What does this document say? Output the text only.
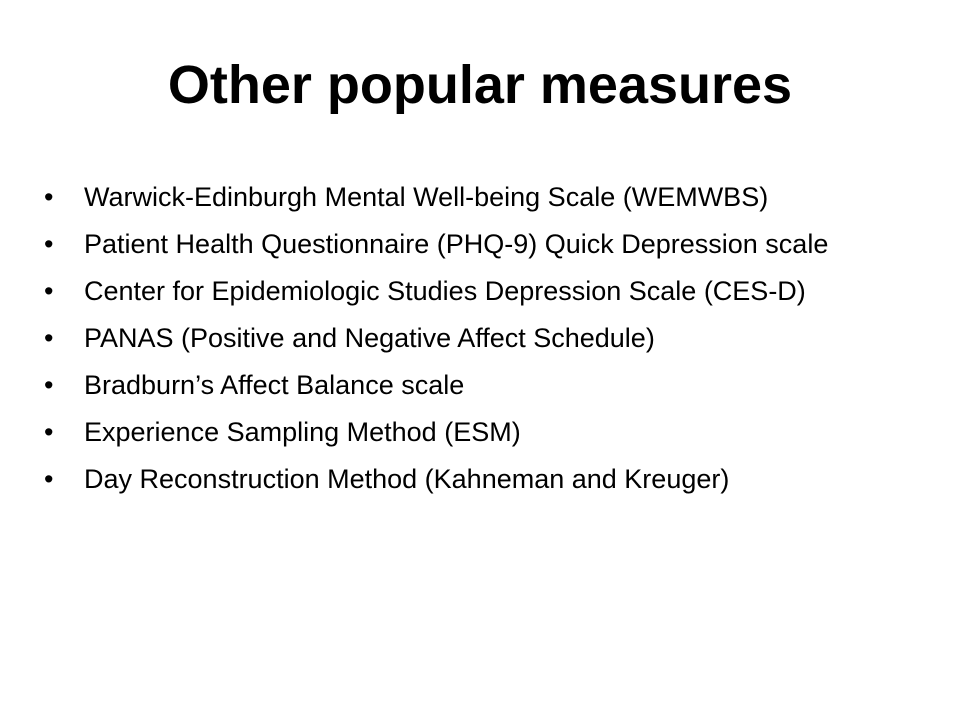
Other popular measures
•	Warwick-Edinburgh Mental Well-being Scale (WEMWBS)
•	Patient Health Questionnaire (PHQ-9) Quick Depression scale
•	Center for Epidemiologic Studies Depression Scale (CES-D)
•	PANAS (Positive and Negative Affect Schedule)
•	Bradburn’s Affect Balance scale
•	Experience Sampling Method (ESM)
•	Day Reconstruction Method (Kahneman and Kreuger)
